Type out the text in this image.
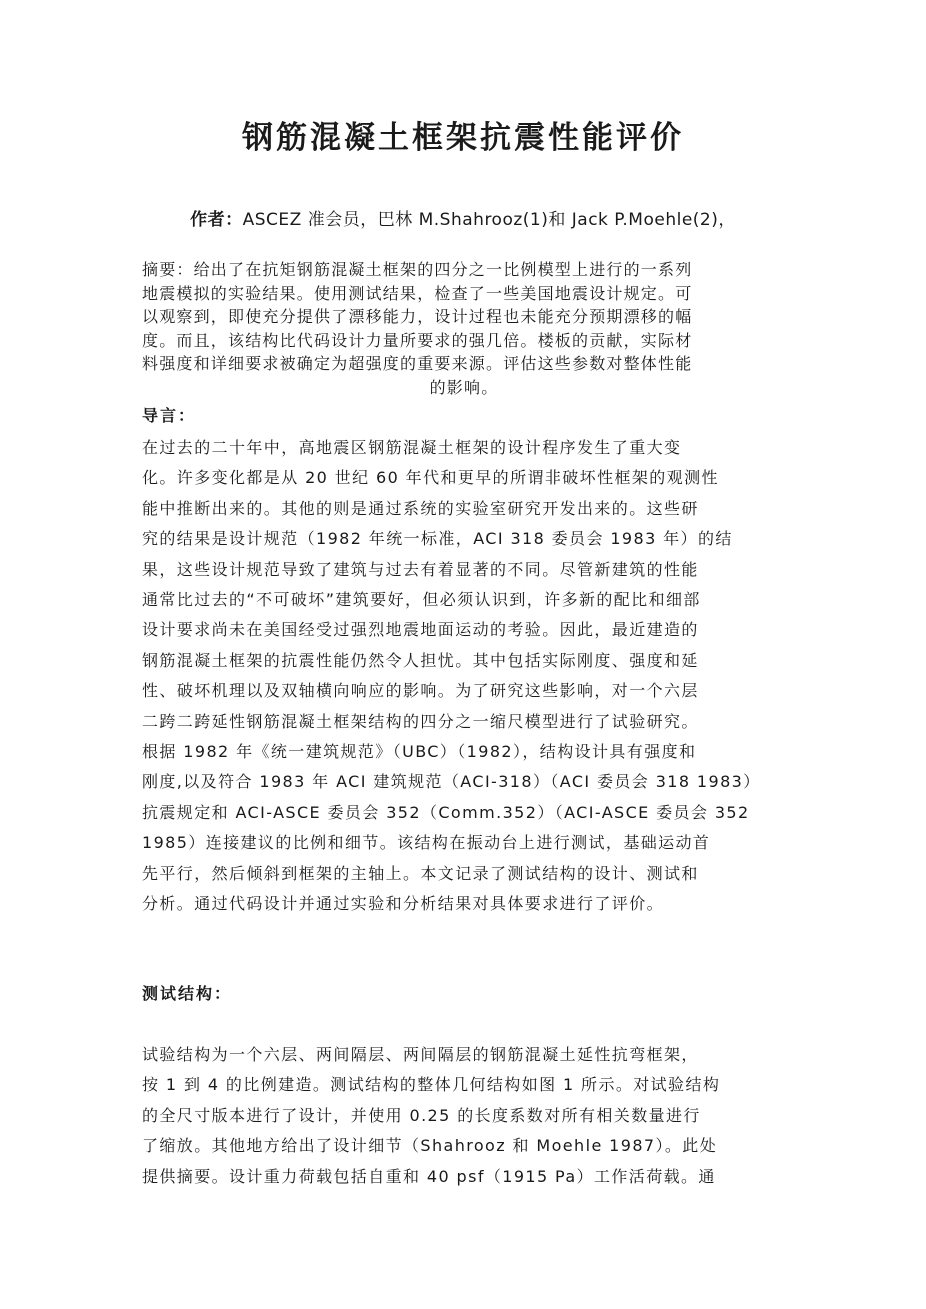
钢筋混凝土框架抗震性能评价
作者：ASCEZ 准会员，巴林 M.Shahrooz(1)和 Jack P.Moehle(2)，
摘要：给出了在抗矩钢筋混凝土框架的四分之一比例模型上进行的一系列
地震模拟的实验结果。使用测试结果，检查了一些美国地震设计规定。可
以观察到，即使充分提供了漂移能力，设计过程也未能充分预期漂移的幅
度。而且，该结构比代码设计力量所要求的强几倍。楼板的贡献，实际材
料强度和详细要求被确定为超强度的重要来源。评估这些参数对整体性能
的影响。
导言：
在过去的二十年中，高地震区钢筋混凝土框架的设计程序发生了重大变
化。许多变化都是从 20 世纪 60 年代和更早的所谓非破坏性框架的观测性
能中推断出来的。其他的则是通过系统的实验室研究开发出来的。这些研
究的结果是设计规范（1982 年统一标准，ACI 318 委员会 1983 年）的结
果，这些设计规范导致了建筑与过去有着显著的不同。尽管新建筑的性能
通常比过去的“不可破坏”建筑要好，但必须认识到，许多新的配比和细部
设计要求尚未在美国经受过强烈地震地面运动的考验。因此，最近建造的
钢筋混凝土框架的抗震性能仍然令人担忧。其中包括实际刚度、强度和延
性、破坏机理以及双轴横向响应的影响。为了研究这些影响，对一个六层
二跨二跨延性钢筋混凝土框架结构的四分之一缩尺模型进行了试验研究。
根据 1982 年《统一建筑规范》（UBC）（1982），结构设计具有强度和
刚度,以及符合 1983 年 ACI 建筑规范（ACI-318）（ACI 委员会 318 1983）
抗震规定和 ACI-ASCE 委员会 352（Comm.352）（ACI-ASCE 委员会 352
1985）连接建议的比例和细节。该结构在振动台上进行测试，基础运动首
先平行，然后倾斜到框架的主轴上。本文记录了测试结构的设计、测试和
分析。通过代码设计并通过实验和分析结果对具体要求进行了评价。
测试结构：
试验结构为一个六层、两间隔层、两间隔层的钢筋混凝土延性抗弯框架，
按 1 到 4 的比例建造。测试结构的整体几何结构如图 1 所示。对试验结构
的全尺寸版本进行了设计，并使用 0.25 的长度系数对所有相关数量进行
了缩放。其他地方给出了设计细节（Shahrooz 和 Moehle 1987）。此处
提供摘要。设计重力荷载包括自重和 40 psf（1915 Pa）工作活荷载。通
